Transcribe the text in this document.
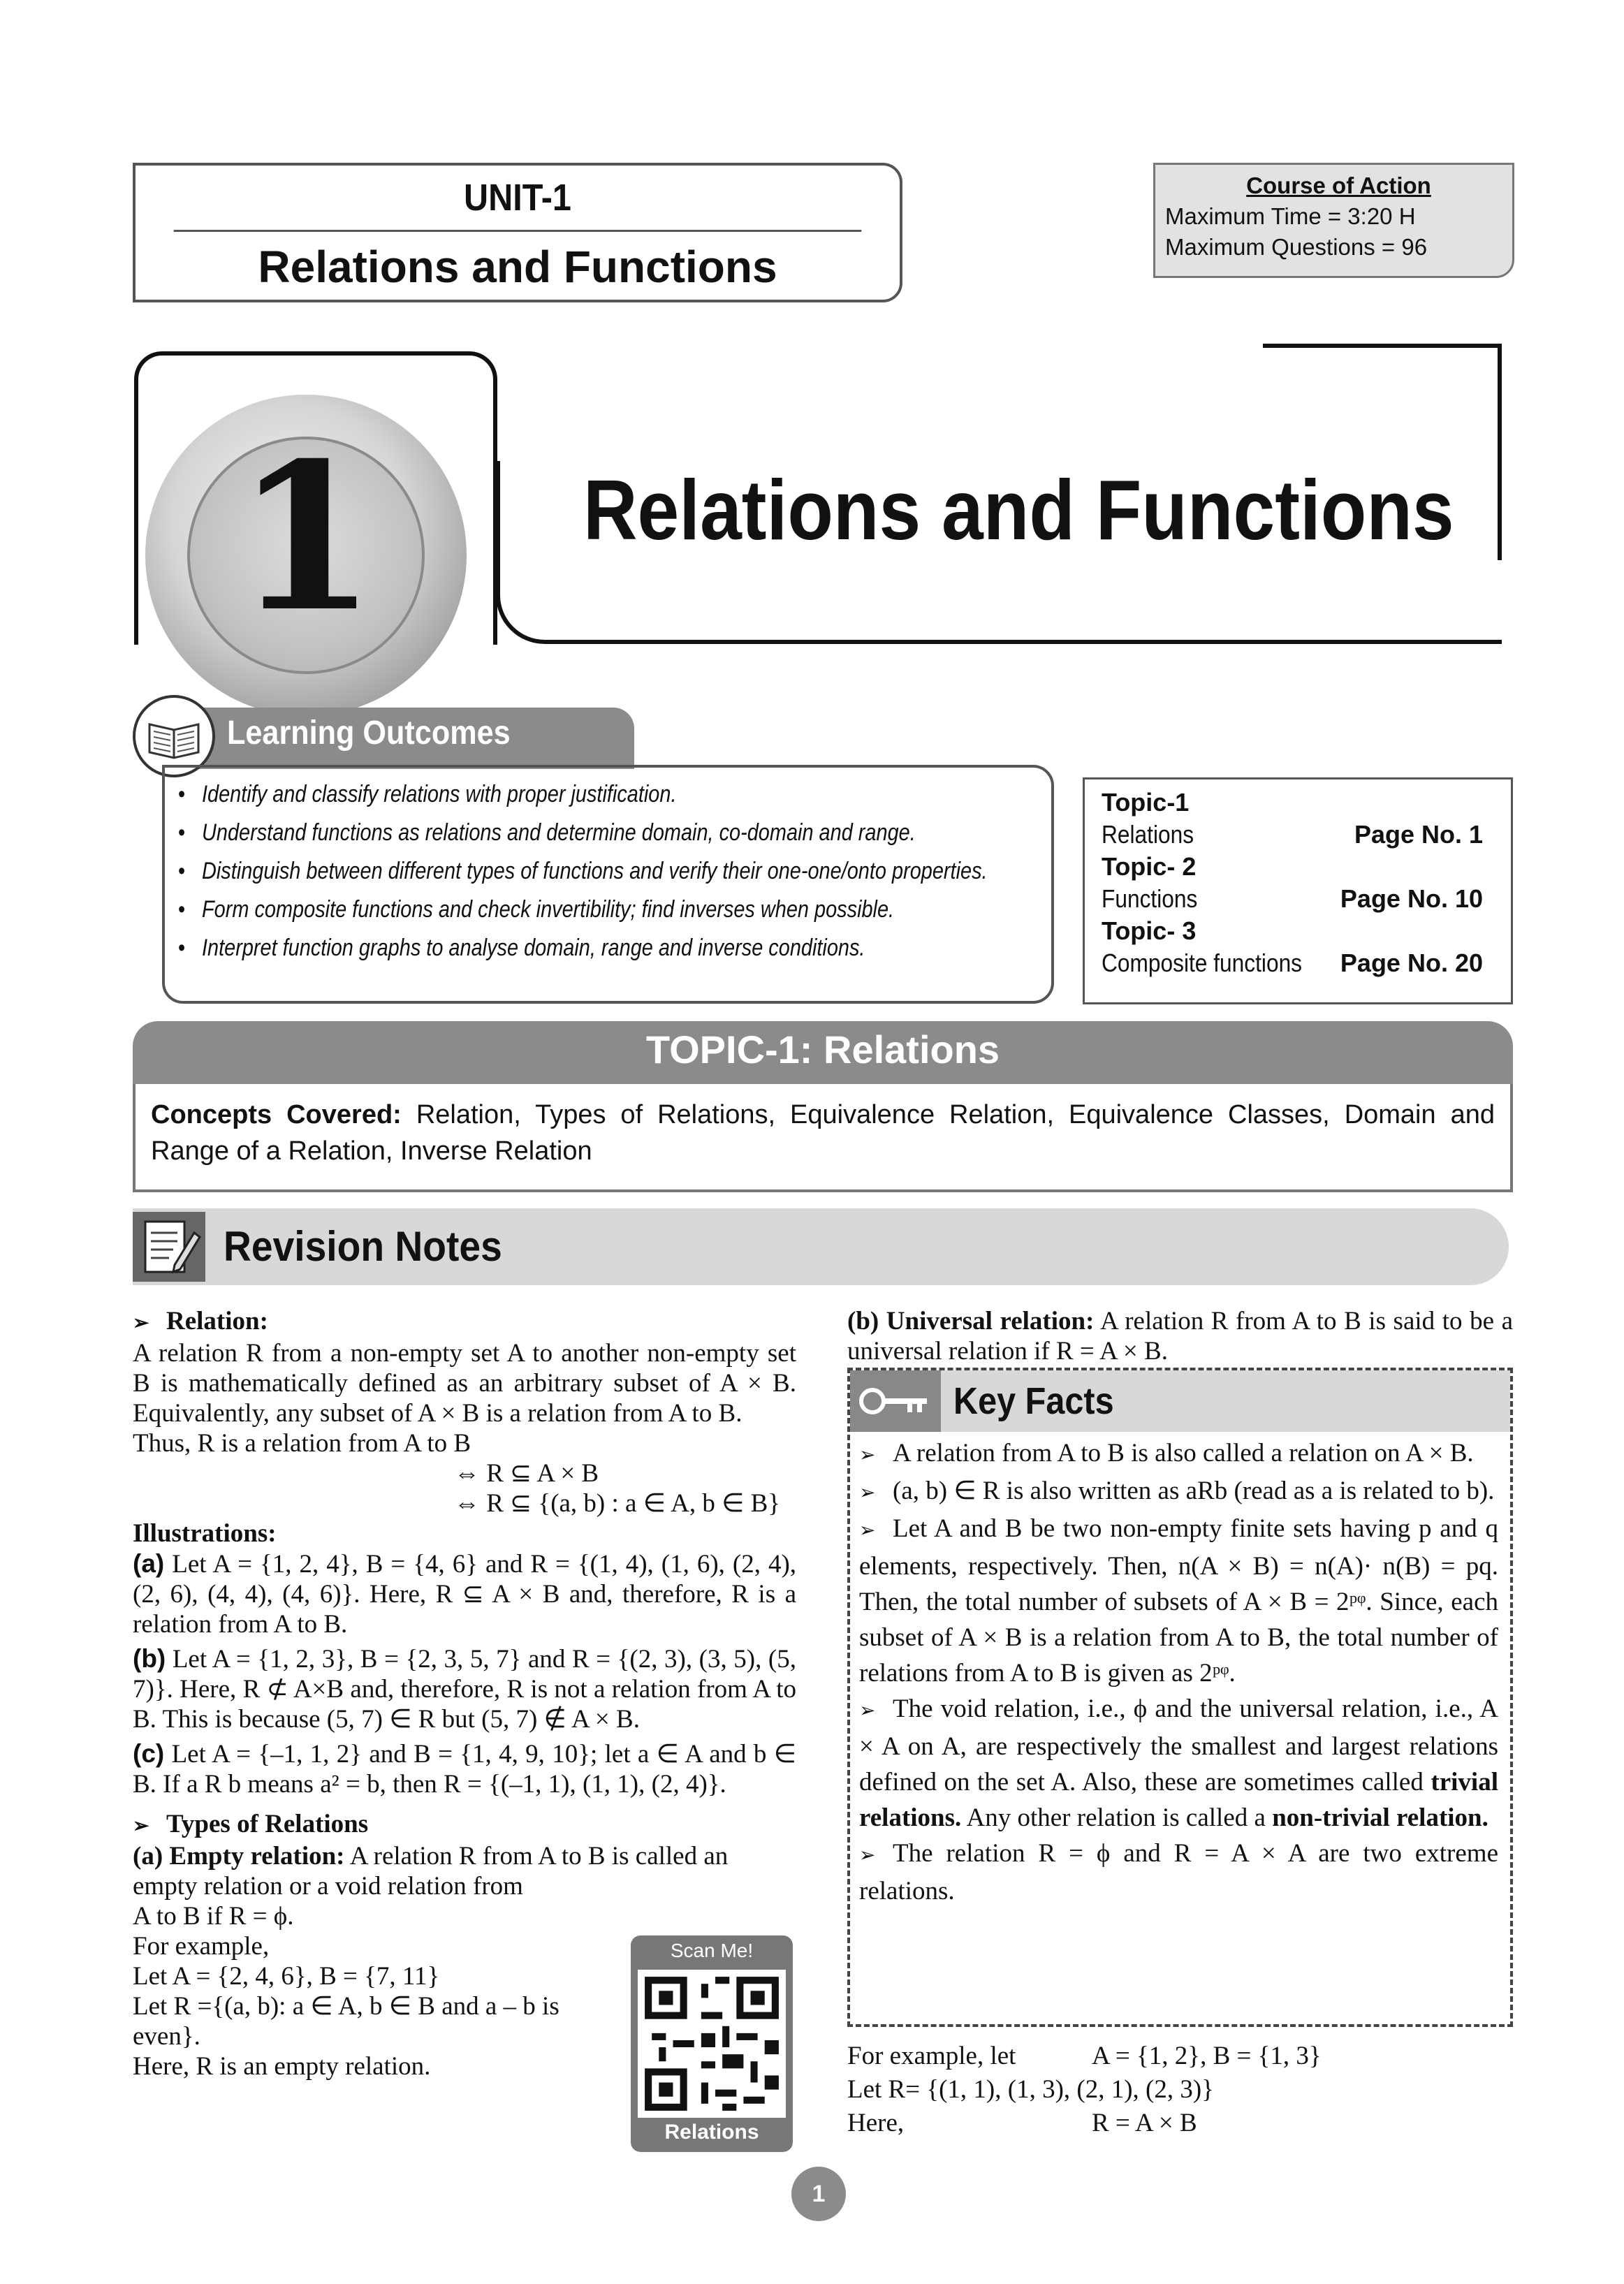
UNIT-1
Relations and Functions
Course of Action
Maximum Time = 3:20 H
Maximum Questions = 96
1	Relations and Functions
Learning Outcomes
• Identify and classify relations with proper justification.
• Understand functions as relations and determine domain, co-domain and range.
• Distinguish between different types of functions and verify their one-one/onto properties.
• Form composite functions and check invertibility; find inverses when possible.
• Interpret function graphs to analyse domain, range and inverse conditions.
Topic-1
Relations	Page No. 1
Topic- 2
Functions	Page No. 10
Topic- 3
Composite functions Page No. 20
TOPIC-1: Relations
Concepts Covered: Relation, Types of Relations, Equivalence Relation, Equivalence Classes, Domain and Range of a Relation, Inverse Relation
Revision Notes

➢ Relation:

A relation R from a non-empty set A to another non-empty set B is mathematically defined as an arbitrary subset of A × B. Equivalently, any subset of A × B is a relation from A to B.

Thus, R is a relation from A to B

⇔ R ⊆ A × B

⇔ R ⊆ {(a, b) : a ∈ A, b ∈ B}

Illustrations:

(a) Let A = {1, 2, 4}, B = {4, 6} and R = {(1, 4), (1, 6), (2, 4), (2, 6), (4, 4), (4, 6)}. Here, R ⊆ A × B and, therefore, R is a relation from A to B.

(b) Let A = {1, 2, 3}, B = {2, 3, 5, 7} and R = {(2, 3), (3, 5), (5, 7)}. Here, R ⊄ A×B and, therefore, R is not a relation from A to B. This is because (5, 7) ∈ R but (5, 7) ∉ A × B.

(c) Let A = {–1, 1, 2} and B = {1, 4, 9, 10}; let a ∈ A and b ∈ B. If a R b means a² = b, then R = {(–1, 1), (1, 1), (2, 4)}.

➢ Types of Relations

(a) Empty relation: A relation R from A to B is called an

empty relation or a void relation from

A to B if R = ϕ.

For example,

Let A = {2, 4, 6}, B = {7, 11}

Let R ={(a, b): a ∈ A, b ∈ B and a – b is

even}.

Here, R is an empty relation.

Scan Me!
Relations

(b) Universal relation: A relation R from A to B is said to be a universal relation if R = A × B.

Key Facts

➢ A relation from A to B is also called a relation on A × B.

➢ (a, b) ∈ R is also written as aRb (read as a is related to b).

➢ Let A and B be two non-empty finite sets having p and q elements, respectively. Then, n(A × B) = n(A)· n(B) = pq. Then, the total number of subsets of A × B = 2ᵖᵠ. Since, each subset of A × B is a relation from A to B, the total number of relations from A to B is given as 2ᵖᵠ.

➢ The void relation, i.e., ϕ and the universal relation, i.e., A × A on A, are respectively the smallest and largest relations defined on the set A. Also, these are sometimes called trivial relations. Any other relation is called a non-trivial relation.

➢ The relation R = ϕ and R = A × A are two extreme relations.

For example, let	A = {1, 2}, B = {1, 3}
Let R= {(1, 1), (1, 3), (2, 1), (2, 3)}
Here,	R = A × B
1
